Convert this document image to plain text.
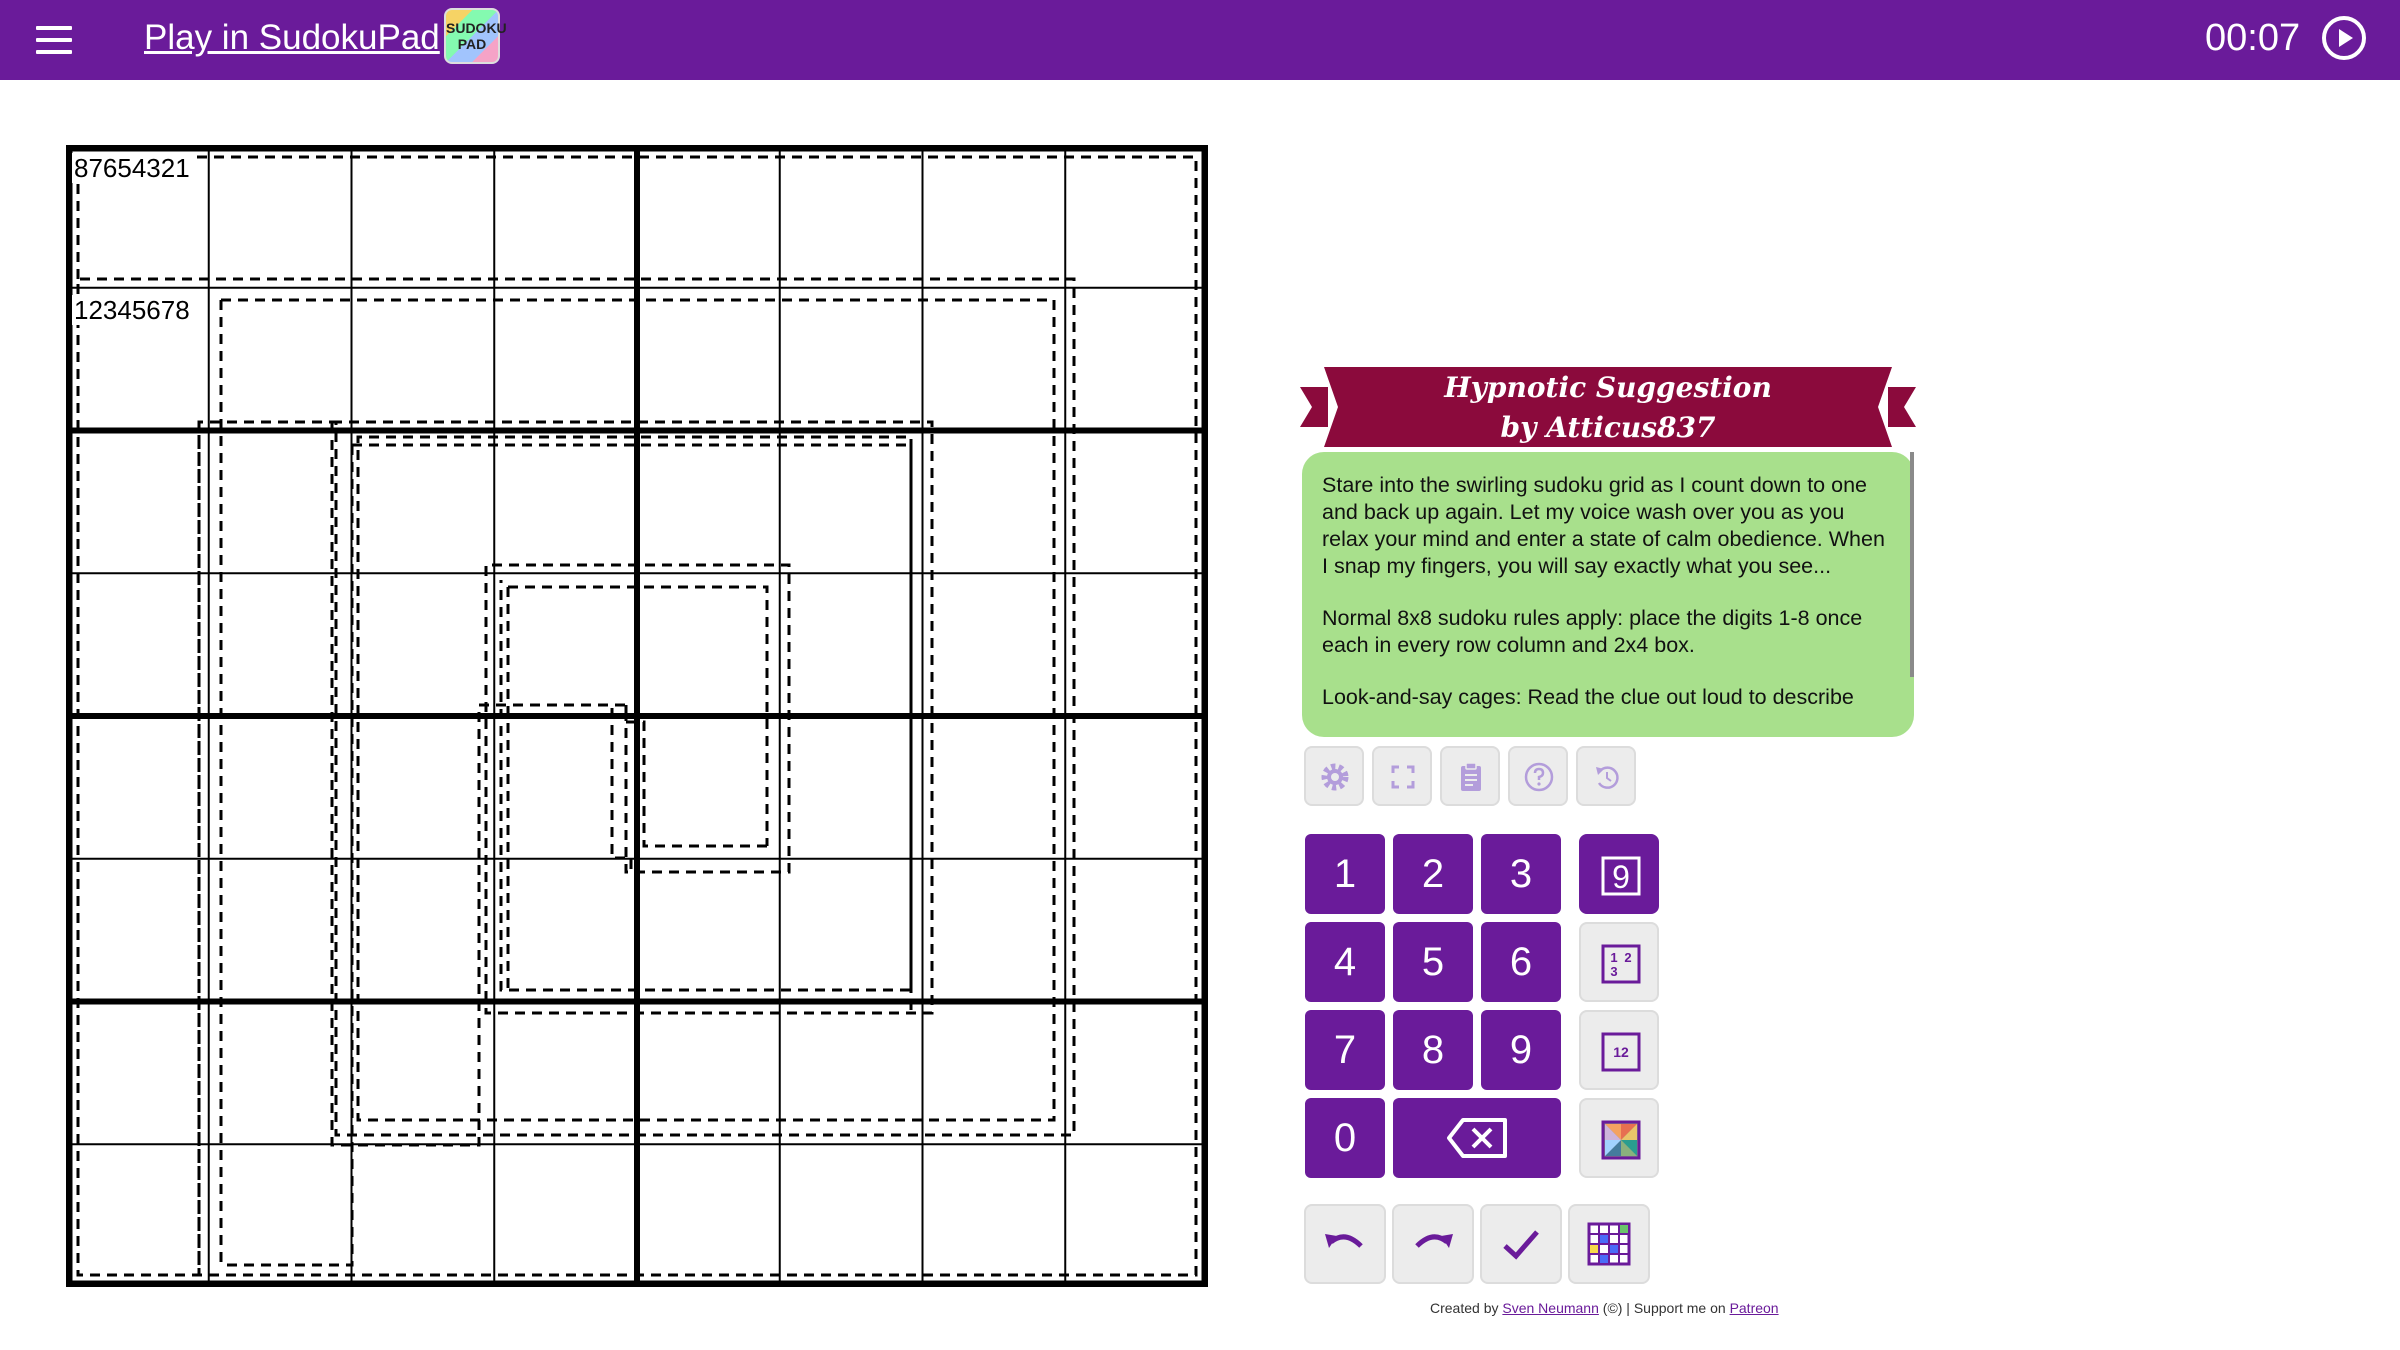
Play in SudokuPad SUDOKU
PAD	00:07
87654321
12345678
Hypnotic Suggestion
by Atticus837

Stare into the swirling sudoku grid as I count down to one and back up again. Let my voice wash over you as you relax your mind and enter a state of calm obedience. When I snap my fingers, you will say exactly what you see...

Normal 8x8 sudoku rules apply: place the digits 1-8 once each in every row column and 2x4 box.

Look-and-say cages: Read the clue out loud to describe

1	2	3
4	5	6
7	8	9
0
9
1 2
3
12
Created by Sven Neumann (©) | Support me on Patreon
